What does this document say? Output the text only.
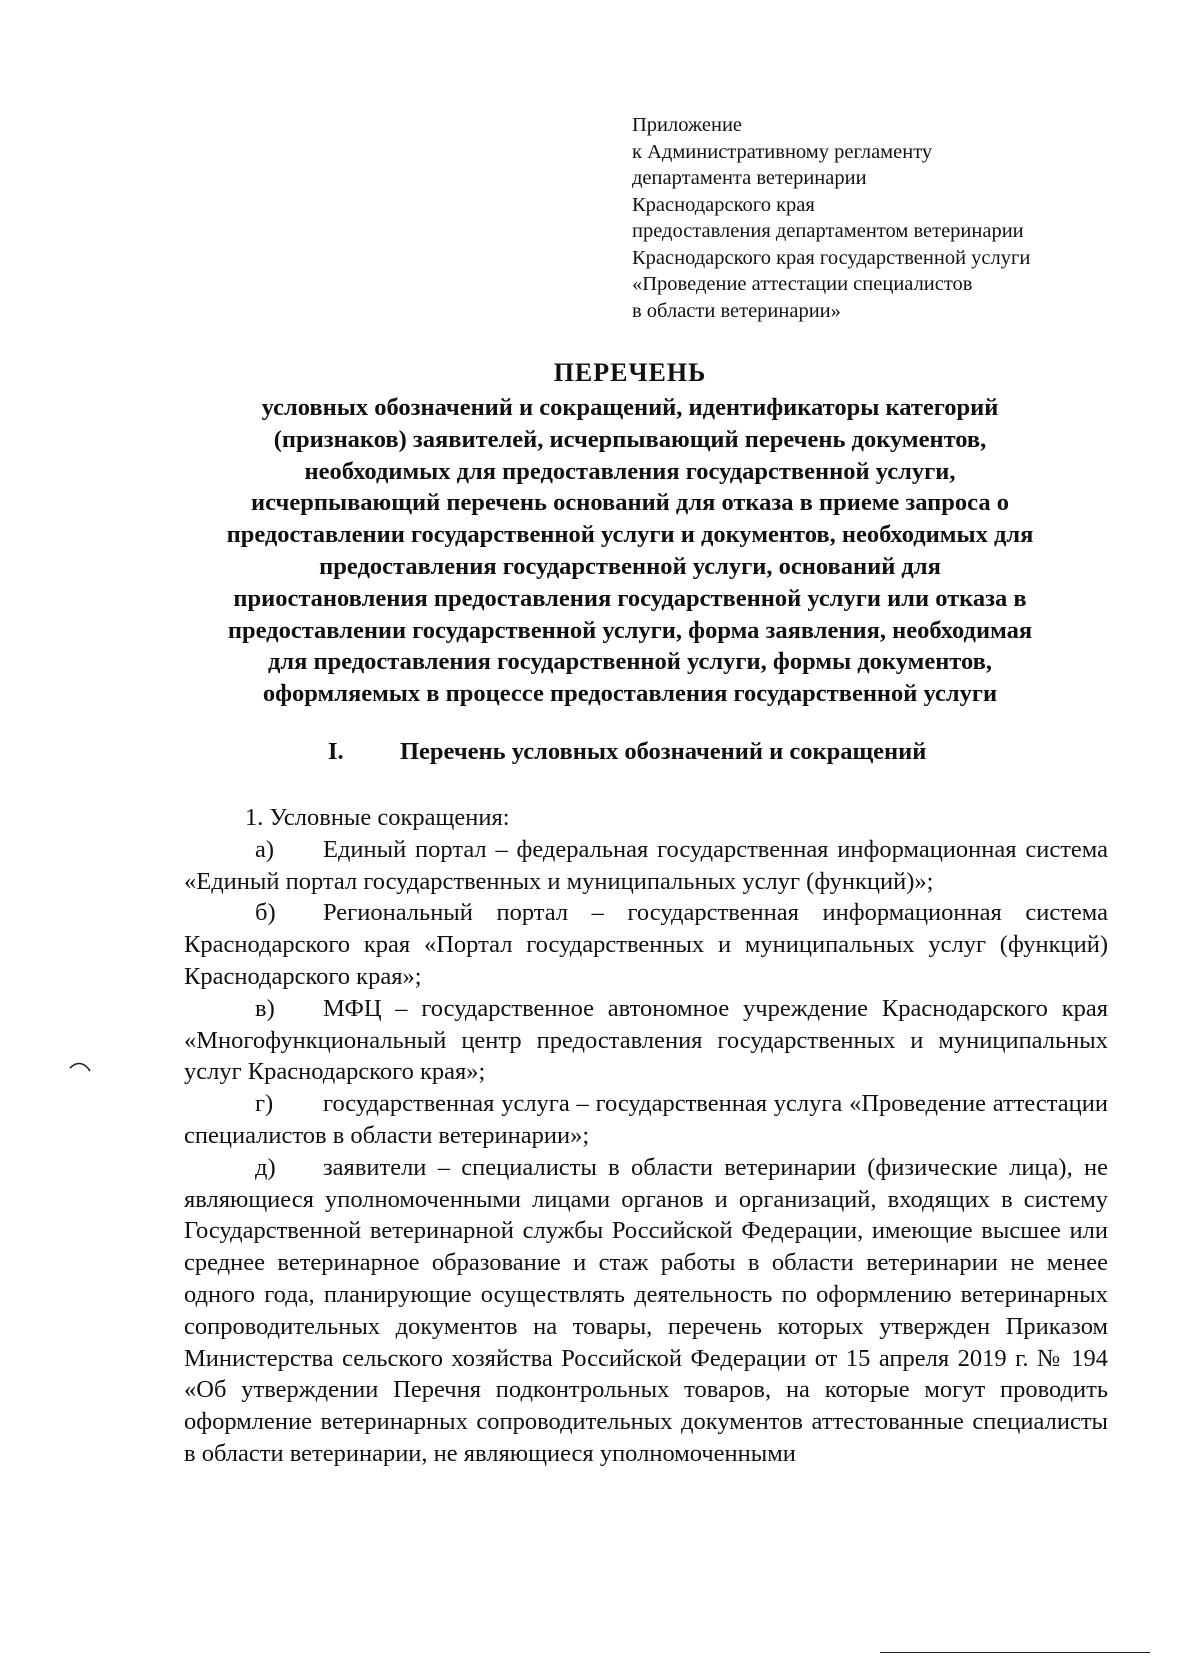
Приложение
к Административному регламенту
департамента ветеринарии
Краснодарского края
предоставления департаментом ветеринарии
Краснодарского края государственной услуги
«Проведение аттестации специалистов
в области ветеринарии»
ПЕРЕЧЕНЬ
условных обозначений и сокращений, идентификаторы категорий
(признаков) заявителей, исчерпывающий перечень документов,
необходимых для предоставления государственной услуги,
исчерпывающий перечень оснований для отказа в приеме запроса о
предоставлении государственной услуги и документов, необходимых для
предоставления государственной услуги, оснований для
приостановления предоставления государственной услуги или отказа в
предоставлении государственной услуги, форма заявления, необходимая
для предоставления государственной услуги, формы документов,
оформляемых в процессе предоставления государственной услуги
I. Перечень условных обозначений и сокращений

1. Условные сокращения:

а) Единый портал – федеральная государственная информационная система «Единый портал государственных и муниципальных услуг (функций)»;

б) Региональный портал – государственная информационная система Краснодарского края «Портал государственных и муниципальных услуг (функций) Краснодарского края»;

в) МФЦ – государственное автономное учреждение Краснодарского края «Многофункциональный центр предоставления государственных и муниципальных услуг Краснодарского края»;

г) государственная услуга – государственная услуга «Проведение аттестации специалистов в области ветеринарии»;

д) заявители – специалисты в области ветеринарии (физические лица), не являющиеся уполномоченными лицами органов и организаций, входящих в систему Государственной ветеринарной службы Российской Федерации, имеющие высшее или среднее ветеринарное образование и стаж работы в области ветеринарии не менее одного года, планирующие осуществлять деятельность по оформлению ветеринарных сопроводительных документов на товары, перечень которых утвержден Приказом Министерства сельского хозяйства Российской Федерации от 15 апреля 2019 г. № 194 «Об утверждении Перечня подконтрольных товаров, на которые могут проводить оформление ветеринарных сопроводительных документов аттестованные специалисты в области ветеринарии, не являющиеся уполномоченными
